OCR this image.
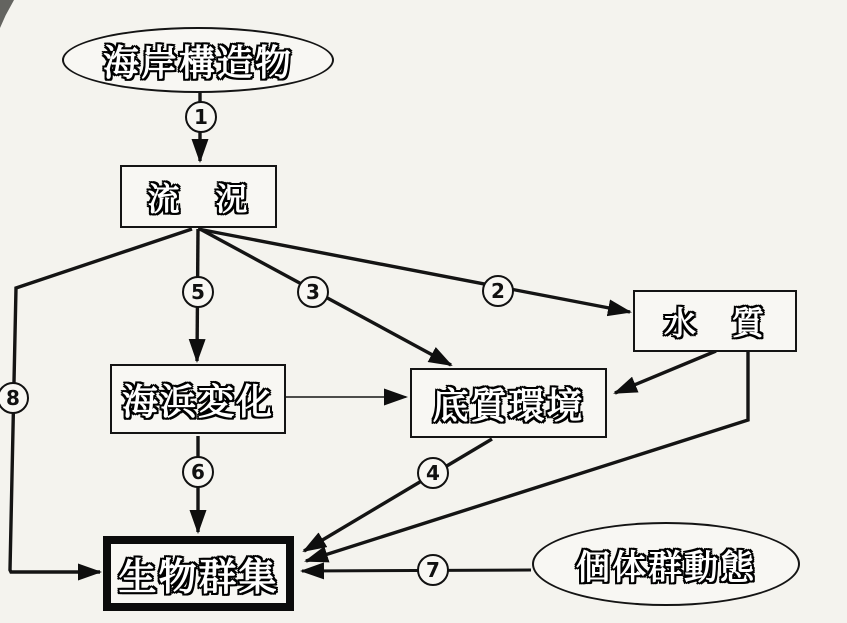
海岸構造物
流　況
水　質
海浜変化	底質環境
生物群集	個体群動態
1
2
3
4
5
6
7
8
